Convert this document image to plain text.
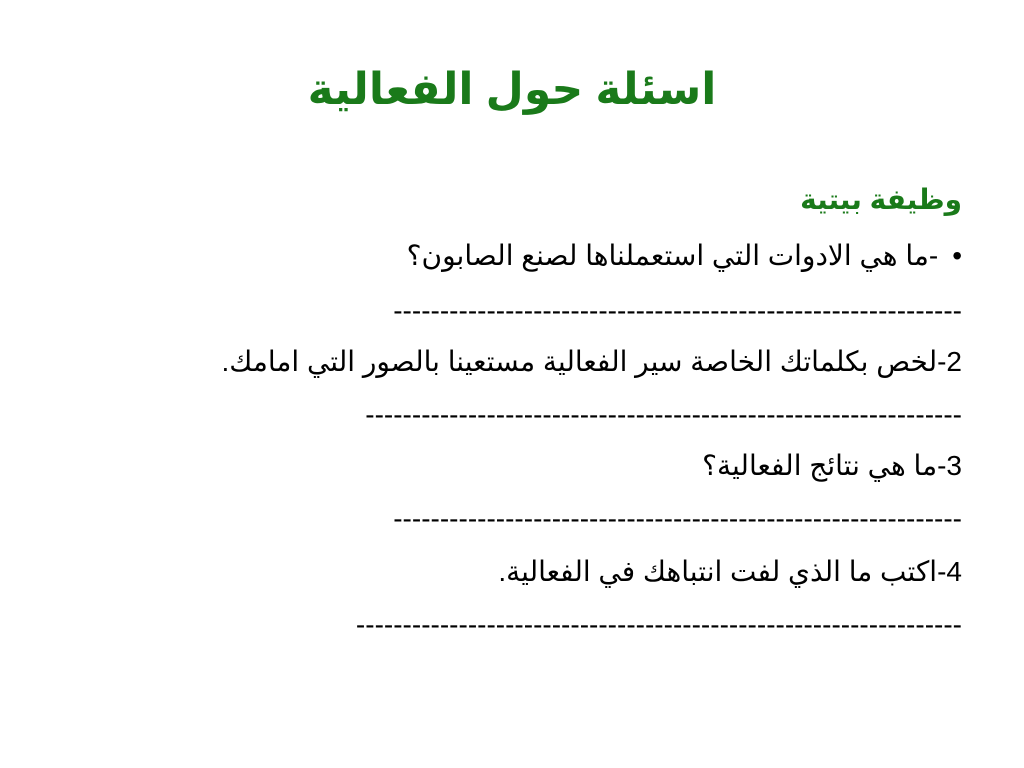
اسئلة حول الفعالية
وظيفة بيتية
•-ما هي الادوات التي استعملناها لصنع الصابون؟
-------------------------------------------------------------
2-لخص بكلماتك الخاصة سير الفعالية مستعينا بالصور التي امامك.
----------------------------------------------------------------
3-ما هي نتائج الفعالية؟
-------------------------------------------------------------
4-اكتب ما الذي لفت انتباهك في الفعالية.
-----------------------------------------------------------------
